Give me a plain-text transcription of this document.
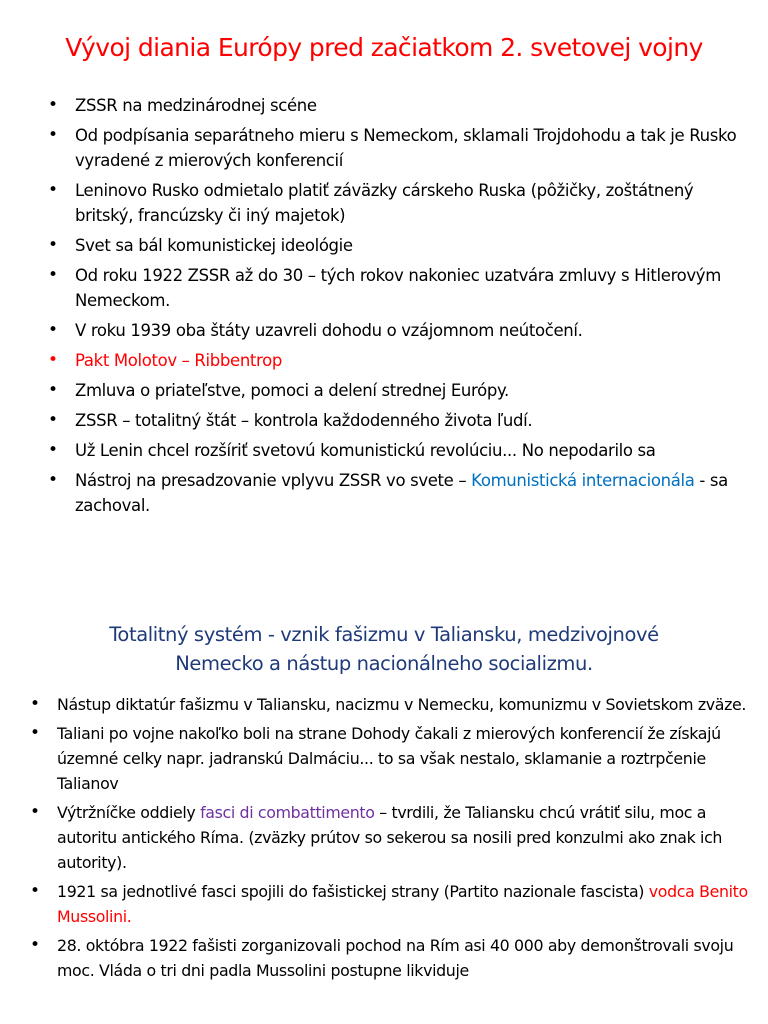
Vývoj diania Európy pred začiatkom 2. svetovej vojny
•	ZSSR na medzinárodnej scéne
•	Od podpísania separátneho mieru s Nemeckom, sklamali Trojdohodu a tak je Rusko vyradené z mierových konferencií
•	Leninovo Rusko odmietalo platiť záväzky cárskeho Ruska (pôžičky, zoštátnený britský, francúzsky či iný majetok)
•	Svet sa bál komunistickej ideológie
•	Od roku 1922 ZSSR až do 30 – tých rokov nakoniec uzatvára zmluvy s Hitlerovým Nemeckom.
•	V roku 1939 oba štáty uzavreli dohodu o vzájomnom neútočení.
•	Pakt Molotov – Ribbentrop
•	Zmluva o priateľstve, pomoci a delení strednej Európy.
•	ZSSR – totalitný štát – kontrola každodenného života ľudí.
•	Už Lenin chcel rozšíriť svetovú komunistickú revolúciu... No nepodarilo sa
•	Nástroj na presadzovanie vplyvu ZSSR vo svete – Komunistická internacionála - sa zachoval.
Totalitný systém - vznik fašizmu v Taliansku, medzivojnové
Nemecko a nástup nacionálneho socializmu.
•	Nástup diktatúr fašizmu v Taliansku, nacizmu v Nemecku, komunizmu v Sovietskom zväze.
•	Taliani po vojne nakoľko boli na strane Dohody čakali z mierových konferencií že získajú územné celky napr. jadranskú Dalmáciu... to sa však nestalo, sklamanie a roztrpčenie Talianov
•	Výtržníčke oddiely fasci di combattimento – tvrdili, že Taliansku chcú vrátiť silu, moc a autoritu antického Ríma. (zväzky prútov so sekerou sa nosili pred konzulmi ako znak ich autority).
•	1921 sa jednotlivé fasci spojili do fašistickej strany (Partito nazionale fascista) vodca Benito Mussolini.
•	28. októbra 1922 fašisti zorganizovali pochod na Rím asi 40 000 aby demonštrovali svoju moc. Vláda o tri dni padla Mussolini postupne likviduje
